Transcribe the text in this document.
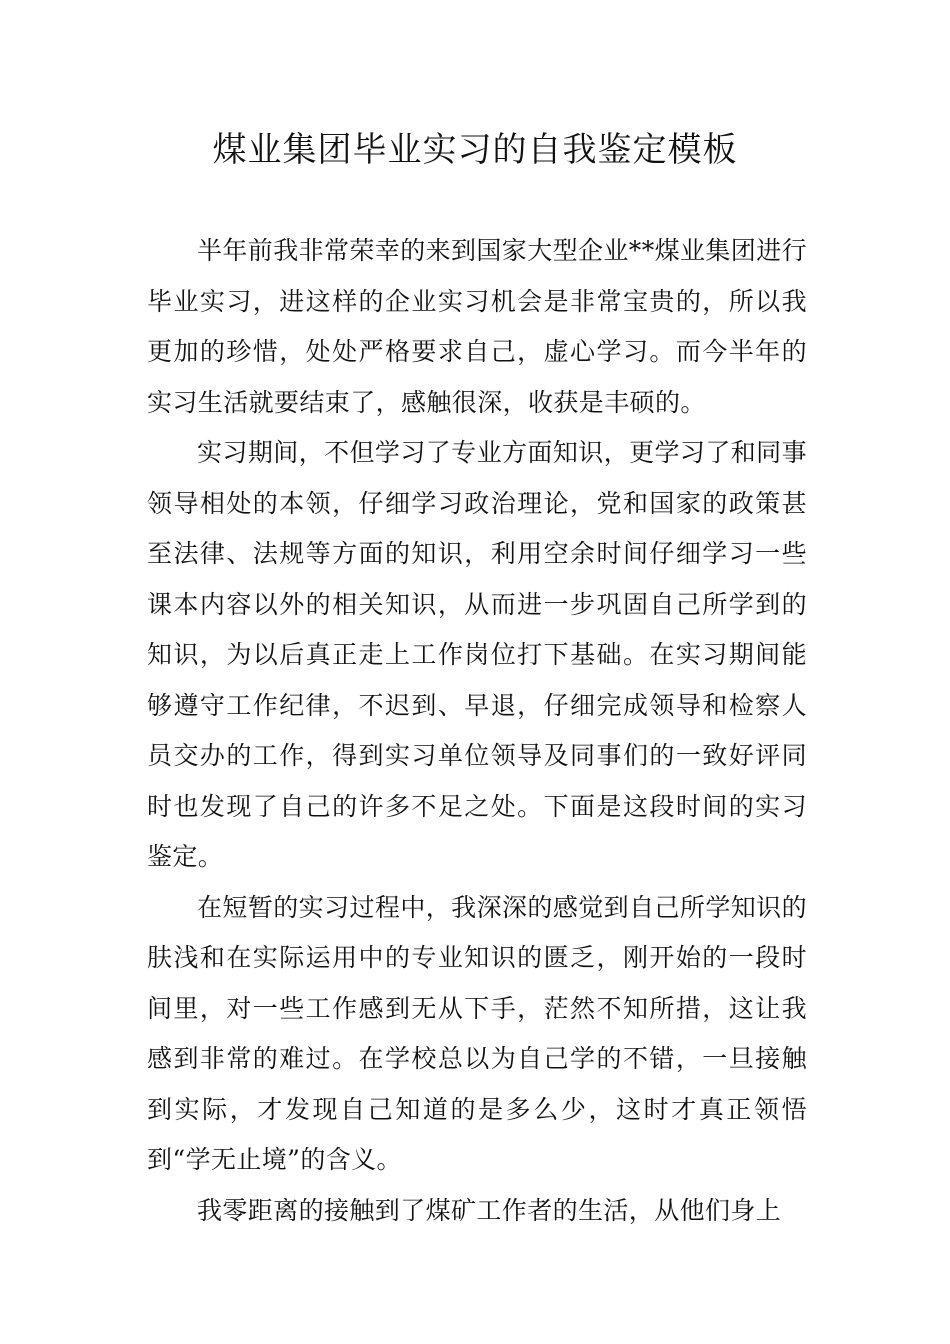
煤业集团毕业实习的自我鉴定模板

半年前我非常荣幸的来到国家大型企业**煤业集团进行毕业实习，进这样的企业实习机会是非常宝贵的，所以我更加的珍惜，处处严格要求自己，虚心学习。而今半年的实习生活就要结束了，感触很深，收获是丰硕的。

实习期间，不但学习了专业方面知识，更学习了和同事领导相处的本领，仔细学习政治理论，党和国家的政策甚至法律、法规等方面的知识，利用空余时间仔细学习一些课本内容以外的相关知识，从而进一步巩固自己所学到的知识，为以后真正走上工作岗位打下基础。在实习期间能够遵守工作纪律，不迟到、早退，仔细完成领导和检察人员交办的工作，得到实习单位领导及同事们的一致好评同时也发现了自己的许多不足之处。下面是这段时间的实习鉴定。

在短暂的实习过程中，我深深的感觉到自己所学知识的肤浅和在实际运用中的专业知识的匮乏，刚开始的一段时间里，对一些工作感到无从下手，茫然不知所措，这让我感到非常的难过。在学校总以为自己学的不错，一旦接触到实际，才发现自己知道的是多么少，这时才真正领悟到“学无止境”的含义。

我零距离的接触到了煤矿工作者的生活，从他们身上
